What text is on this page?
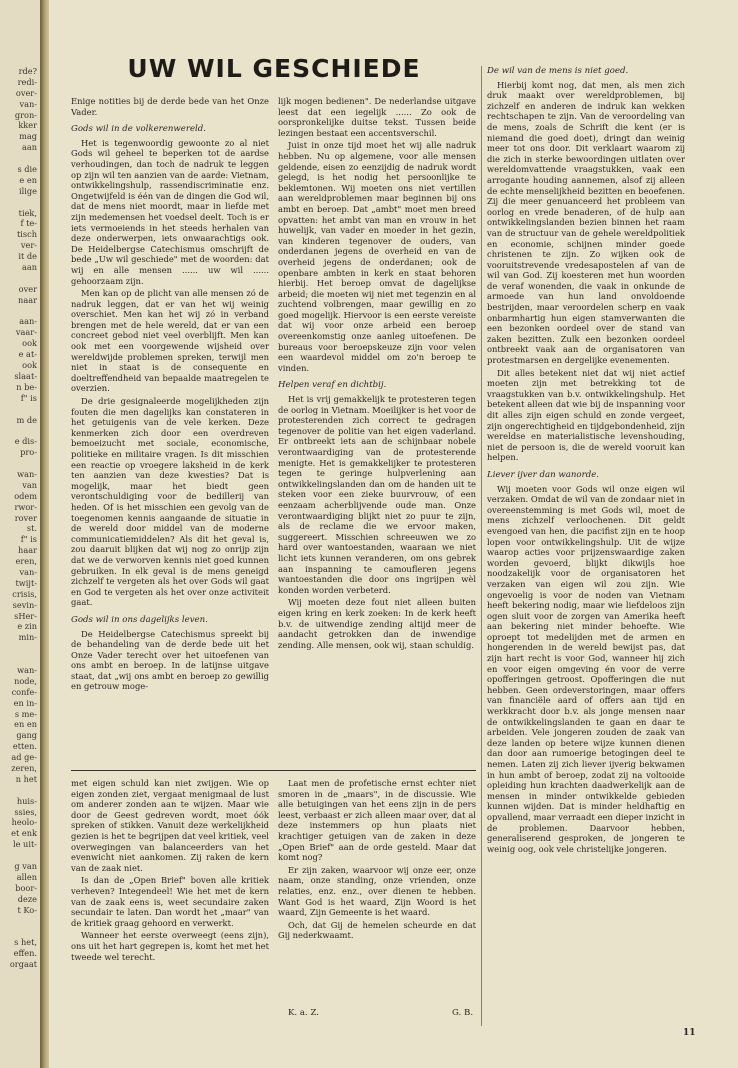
rde?
redi-
over-
van-
gron-
kker
mag
aan
s die
e en
ilige
tiek,
f te-
tisch
ver-
it de
aan
over
naar
aan-
vaar-
ook
e at-
ook
slaat-
n be-
f" is
m de
e dis-
pro-
wan-
van
odem
rwor-
rover
st.
f" is
haar
eren,
van-
twijt-
crisis,
sevin-
sHer-
e zin
min-
wan-
node,
confe-
en in-
s me-
en en
gang
etten.
ad ge-
zeren,
n het
huis-
ssies,
heolo-
et enk
le uit-
g van
allen
boor-
deze
t Ko-
s het,
effen.
orgaat
UW WIL GESCHIEDE

Enige notities bij de derde bede van het Onze Vader.

Gods wil in de volkerenwereld.

Het is tegenwoordig gewoonte zo al niet Gods wil geheel te beperken tot de aardse verhoudingen, dan toch de nadruk te leggen op zijn wil ten aanzien van de aarde: Vietnam, ontwikkelingshulp, rassendiscriminatie enz. Ongetwijfeld is één van de dingen die God wil, dat de mens niet moordt, maar in liefde met zijn medemensen het voedsel deelt. Toch is er iets vermoeiends in het steeds herhalen van deze onderwerpen, iets onwaarachtigs ook. De Heidelbergse Catechismus omschrijft de bede „Uw wil geschiede" met de woorden: dat wij en alle mensen ...... uw wil ...... gehoorzaam zijn.

Men kan op de plicht van alle mensen zó de nadruk leggen, dat er van het wij weinig overschiet. Men kan het wij zó in verband brengen met de hele wereld, dat er van een concreet gebod niet veel overblijft. Men kan ook met een voorgewende wijsheid over wereldwijde problemen spreken, terwijl men niet in staat is de consequente en doeltreffendheid van bepaalde maatregelen te overzien.

De drie gesignaleerde mogelijkheden zijn fouten die men dagelijks kan constateren in het getuigenis van de vele kerken. Deze kenmerken zich door een overdreven bemoeizucht met sociale, economische, politieke en militaire vragen. Is dit misschien een reactie op vroegere laksheid in de kerk ten aanzien van deze kwesties? Dat is mogelijk, maar het biedt geen verontschuldiging voor de bedillerij van heden. Of is het misschien een gevolg van de toegenomen kennis aangaande de situatie in de wereld door middel van de moderne communicatiemiddelen? Als dit het geval is, zou daaruit blijken dat wij nog zo onrijp zijn dat we de verworven kennis niet goed kunnen gebruiken. In elk geval is de mens geneigd zichzelf te vergeten als het over Gods wil gaat en God te vergeten als het over onze activiteit gaat.

Gods wil in ons dagelijks leven.

De Heidelbergse Catechismus spreekt bij de behandeling van de derde bede uit het Onze Vader terecht over het uitoefenen van ons ambt en beroep. In de latijnse uitgave staat, dat „wij ons ambt en beroep zo gewillig en getrouw moge-

lijk mogen bedienen". De nederlandse uitgave leest dat een iegelijk ...... Zo ook de oorspronkelijke duitse tekst. Tussen beide lezingen bestaat een accentsverschil.

Juist in onze tijd moet het wij alle nadruk hebben. Nu op algemene, voor alle mensen geldende, eisen zo eenzijdig de nadruk wordt gelegd, is het nodig het persoonlijke te beklemtonen. Wij moeten ons niet vertillen aan wereldproblemen maar beginnen bij ons ambt en beroep. Dat „ambt" moet men breed opvatten: het ambt van man en vrouw in het huwelijk, van vader en moeder in het gezin, van kinderen tegenover de ouders, van onderdanen jegens de overheid en van de overheid jegens de onderdanen; ook de openbare ambten in kerk en staat behoren hierbij. Het beroep omvat de dagelijkse arbeid; die moeten wij niet met tegenzin en al zuchtend volbrengen, maar gewillig en zo goed mogelijk. Hiervoor is een eerste vereiste dat wij voor onze arbeid een beroep overeenkomstig onze aanleg uitoefenen. De bureaus voor beroepskeuze zijn voor velen een waardevol middel om zo'n beroep te vinden.

Helpen veraf en dichtbij.

Het is vrij gemakkelijk te protesteren tegen de oorlog in Vietnam. Moeilijker is het voor de protesterenden zich correct te gedragen tegenover de politie van het eigen vaderland. Er ontbreekt iets aan de schijnbaar nobele verontwaardiging van de protesterende menigte. Het is gemakkelijker te protesteren tegen te geringe hulpverlening aan ontwikkelingslanden dan om de handen uit te steken voor een zieke buurvrouw, of een eenzaam acherblijvende oude man. Onze verontwaardiging blijkt niet zo puur te zijn, als de reclame die we ervoor maken, suggereert. Misschien schreeuwen we zo hard over wantoestanden, waaraan we niet licht iets kunnen veranderen, om ons gebrek aan inspanning te camoufleren jegens wantoestanden die door ons ingrijpen wèl konden worden verbeterd.

Wij moeten deze fout niet alleen buiten eigen kring en kerk zoeken: In de kerk heeft b.v. de uitwendige zending altijd meer de aandacht getrokken dan de inwendige zending. Alle mensen, ook wij, staan schuldig.

met eigen schuld kan niet zwijgen. Wie op eigen zonden ziet, vergaat menigmaal de lust om anderer zonden aan te wijzen. Maar wie door de Geest gedreven wordt, moet óók spreken of stikken. Vanuit deze werkelijkheid gezien is het te begrijpen dat veel kritiek, veel overwegingen van balanceerders van het evenwicht niet aankomen. Zij raken de kern van de zaak niet.

Is dan de „Open Brief" boven alle kritiek verheven? Integendeel! Wie het met de kern van de zaak eens is, weet secundaire zaken secundair te laten. Dan wordt het „maar" van de kritiek graag gehoord en verwerkt.

Wanneer het eerste overweegt (eens zijn), ons uit het hart gegrepen is, komt het met het tweede wel terecht.

Laat men de profetische ernst echter niet smoren in de „maars", in de discussie. Wie alle betuigingen van het eens zijn in de pers leest, verbaast er zich alleen maar over, dat al deze instemmers op hun plaats niet krachtiger getuigen van de zaken in deze „Open Brief" aan de orde gesteld. Maar dat komt nog?

Er zijn zaken, waarvoor wij onze eer, onze naam, onze standing, onze vrienden, onze relaties, enz. enz., over dienen te hebben. Want God is het waard, Zijn Woord is het waard, Zijn Gemeente is het waard.

Och, dat Gij de hemelen scheurde en dat Gij nederkwaamt.

K. a. Z.	G. B.
De wil van de mens is niet goed.

Hierbij komt nog, dat men, als men zich druk maakt over wereldproblemen, bij zichzelf en anderen de indruk kan wekken rechtschapen te zijn. Van de veroordeling van de mens, zoals de Schrift die kent (er is niemand die goed doet), dringt dan weinig meer tot ons door. Dit verklaart waarom zij die zich in sterke bewoordingen uitlaten over wereldomvattende vraagstukken, vaak een arrogante houding aannemen, alsof zij alleen de echte menselijkheid bezitten en beoefenen. Zij die meer genuanceerd het probleem van oorlog en vrede benaderen, of de hulp aan ontwikkelingslanden bezien binnen het raam van de structuur van de gehele wereldpolitiek en economie, schijnen minder goede christenen te zijn. Zo wijken ook de vooruitstrevende vredesapostelen af van de wil van God. Zij koesteren met hun woorden de veraf wonenden, die vaak in onkunde de armoede van hun land onvoldoende bestrijden, maar veroordelen scherp en vaak onbarmhartig hun eigen stamverwanten die een bezonken oordeel over de stand van zaken bezitten. Zulk een bezonken oordeel ontbreekt vaak aan de organisatoren van protestmarsen en dergelijke evenementen.

Dit alles betekent niet dat wij niet actief moeten zijn met betrekking tot de vraagstukken van b.v. ontwikkelingshulp. Het betekent alleen dat wie bij de inspanning voor dit alles zijn eigen schuld en zonde vergeet, zijn ongerechtigheid en tijdgebondenheid, zijn wereldse en materialistische levenshouding, niet de persoon is, die de wereld vooruit kan helpen.

Liever ijver dan wanorde.

Wij moeten voor Gods wil onze eigen wil verzaken. Omdat de wil van de zondaar niet in overeenstemming is met Gods wil, moet de mens zichzelf verloochenen. Dit geldt evengoed van hen, die pacifist zijn en te hoop lopen voor ontwikkelingshulp. Uit de wijze waarop acties voor prijzenswaardige zaken worden gevoerd, blijkt dikwijls hoe noodzakelijk voor de organisatoren het verzaken van eigen wil zou zijn. Wie ongevoelig is voor de noden van Vietnam heeft bekering nodig, maar wie liefdeloos zijn ogen sluit voor de zorgen van Amerika heeft aan bekering niet minder behoefte. Wie oproept tot medelijden met de armen en hongerenden in de wereld bewijst pas, dat zijn hart recht is voor God, wanneer hij zich en voor eigen omgeving én voor de verre opofferingen getroost. Opofferingen die nut hebben. Geen ordeverstoringen, maar offers van financiële aard of offers aan tijd en werkkracht door b.v. als jonge mensen naar de ontwikkelingslanden te gaan en daar te arbeiden. Vele jongeren zouden de zaak van deze landen op betere wijze kunnen dienen dan door aan rumoerige betogingen deel te nemen. Laten zij zich liever ijverig bekwamen in hun ambt of beroep, zodat zij na voltooide opleiding hun krachten daadwerkelijk aan de mensen in minder ontwikkelde gebieden kunnen wijden. Dat is minder heldhaftig en opvallend, maar verraadt een dieper inzicht in de problemen. Daarvoor hebben, generaliserend gesproken, de jongeren te weinig oog, ook vele christelijke jongeren.

11
